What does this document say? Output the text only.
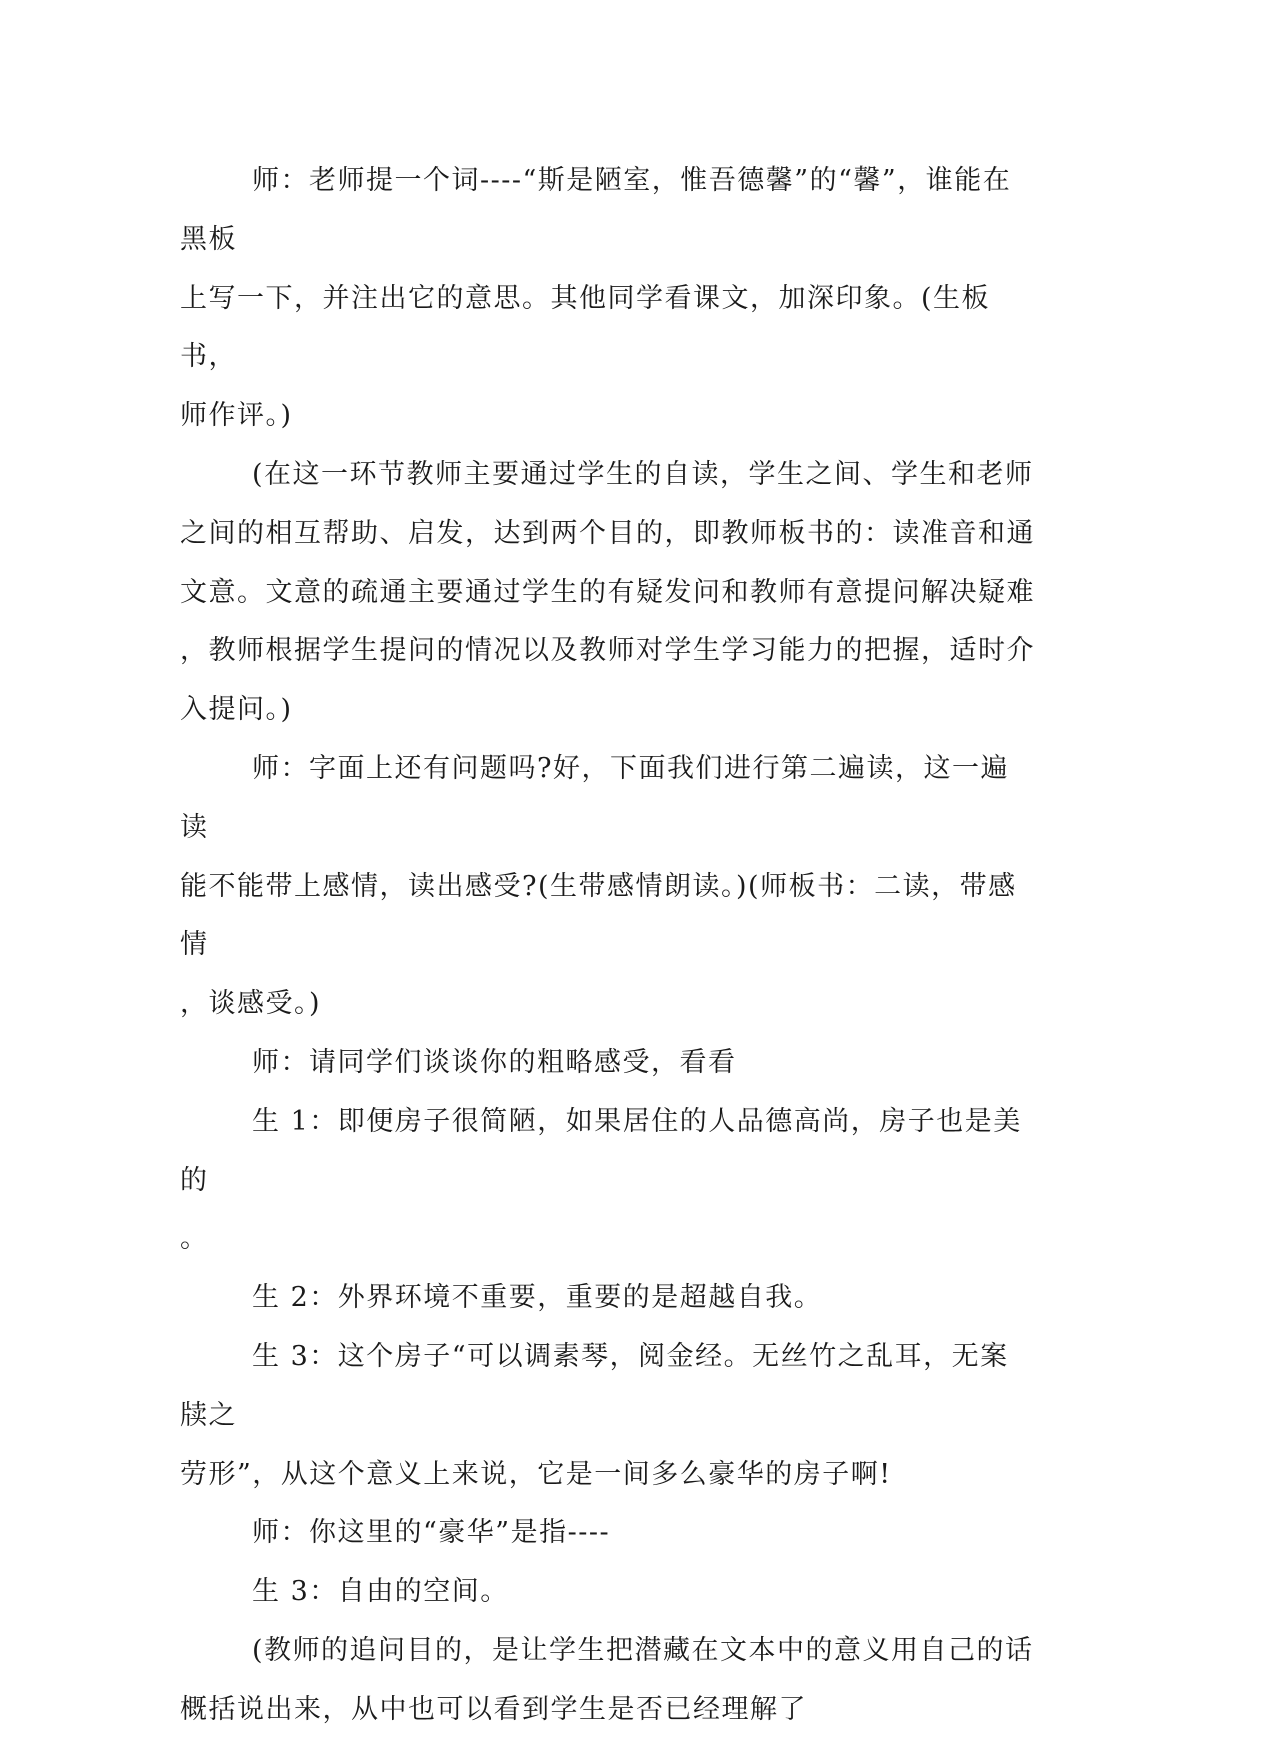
师：老师提一个词----“斯是陋室，惟吾德馨”的“馨”，谁能在黑板
上写一下，并注出它的意思。其他同学看课文，加深印象。(生板书，
师作评。)

(在这一环节教师主要通过学生的自读，学生之间、学生和老师
之间的相互帮助、启发，达到两个目的，即教师板书的：读准音和通
文意。文意的疏通主要通过学生的有疑发问和教师有意提问解决疑难
，教师根据学生提问的情况以及教师对学生学习能力的把握，适时介
入提问。)

师：字面上还有问题吗?好，下面我们进行第二遍读，这一遍读
能不能带上感情，读出感受?(生带感情朗读。)(师板书：二读，带感情
，谈感受。)

师：请同学们谈谈你的粗略感受，看看

生 1：即便房子很简陋，如果居住的人品德高尚，房子也是美的
。

生 2：外界环境不重要，重要的是超越自我。

生 3：这个房子“可以调素琴，阅金经。无丝竹之乱耳，无案牍之
劳形”，从这个意义上来说，它是一间多么豪华的房子啊!

师：你这里的“豪华”是指----

生 3：自由的空间。

(教师的追问目的，是让学生把潜藏在文本中的意义用自己的话
概括说出来，从中也可以看到学生是否已经理解了
